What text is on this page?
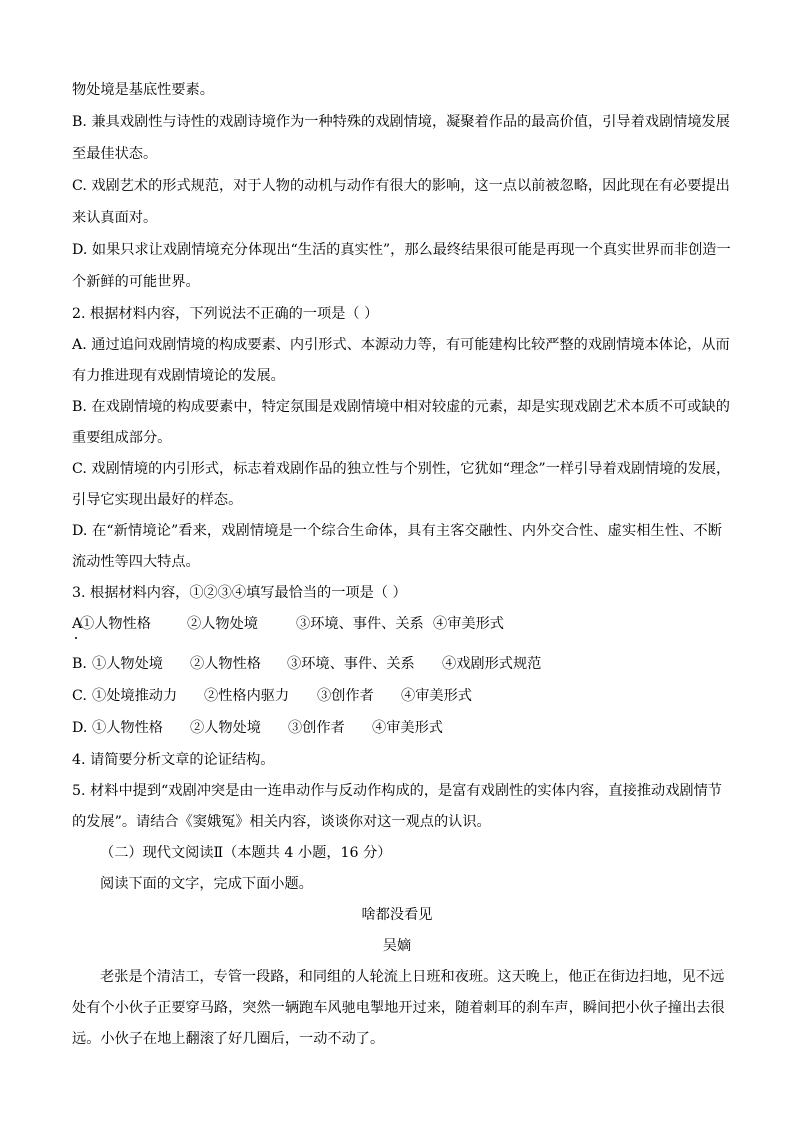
物处境是基底性要素。
B. 兼具戏剧性与诗性的戏剧诗境作为一种特殊的戏剧情境，凝聚着作品的最高价值，引导着戏剧情境发展
至最佳状态。
C. 戏剧艺术的形式规范，对于人物的动机与动作有很大的影响，这一点以前被忽略，因此现在有必要提出
来认真面对。
D. 如果只求让戏剧情境充分体现出“生活的真实性”，那么最终结果很可能是再现一个真实世界而非创造一
个新鲜的可能世界。
2. 根据材料内容，下列说法不正确的一项是（ ）
A. 通过追问戏剧情境的构成要素、内引形式、本源动力等，有可能建构比较严整的戏剧情境本体论，从而
有力推进现有戏剧情境论的发展。
B. 在戏剧情境的构成要素中，特定氛围是戏剧情境中相对较虚的元素，却是实现戏剧艺术本质不可或缺的
重要组成部分。
C. 戏剧情境的内引形式，标志着戏剧作品的独立性与个别性，它犹如“理念”一样引导着戏剧情境的发展，
引导它实现出最好的样态。
D. 在“新情境论”看来，戏剧情境是一个综合生命体，具有主客交融性、内外交合性、虚实相生性、不断
流动性等四大特点。
3. 根据材料内容，①②③④填写最恰当的一项是（ ）
A①人物性格	②人物处境	③环境、事件、关系 ④审美形式
B. ①人物处境 ②人物性格 ③环境、事件、关系 ④戏剧形式规范
C. ①处境推动力 ②性格内驱力 ③创作者 ④审美形式
D. ①人物性格 ②人物处境 ③创作者 ④审美形式
4. 请简要分析文章的论证结构。
5. 材料中提到“戏剧冲突是由一连串动作与反动作构成的，是富有戏剧性的实体内容，直接推动戏剧情节
的发展”。请结合《窦娥冤》相关内容，谈谈你对这一观点的认识。
（二）现代文阅读Ⅱ（本题共 4 小题，16 分）
阅读下面的文字，完成下面小题。
啥都没看见
吴嫡
老张是个清洁工，专管一段路，和同组的人轮流上日班和夜班。这天晚上，他正在街边扫地，见不远
处有个小伙子正要穿马路，突然一辆跑车风驰电掣地开过来，随着刺耳的刹车声，瞬间把小伙子撞出去很
远。小伙子在地上翻滚了好几圈后，一动不动了。
